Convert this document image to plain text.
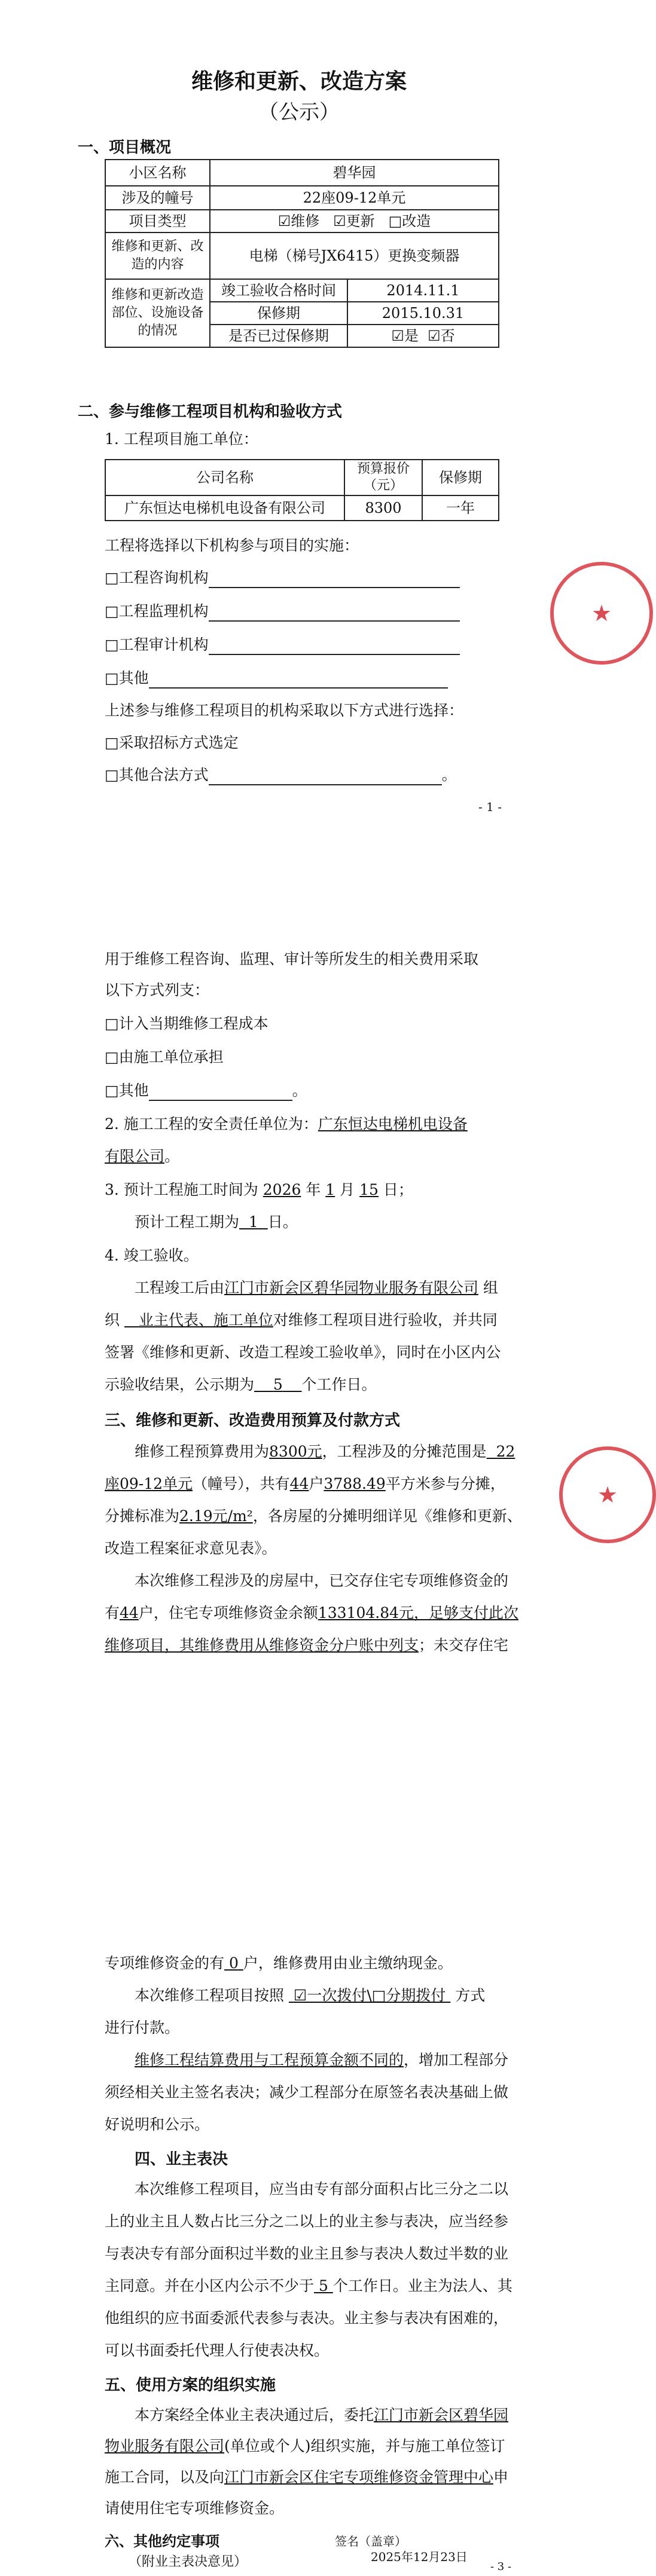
维修和更新、改造方案
（公示）
一、项目概况
小区名称	碧华园	
涉及的幢号	22座09-12单元	
项目类型	☑维修 ☑更新 □改造	
维修和更新、改造的内容	电梯（梯号JX6415）更换变频器	
维修和更新改造部位、设施设备的情况	竣工验收合格时间	2014.11.1
	保修期	2015.10.31
	是否已过保修期	☑是 ☑否
二、参与维修工程项目机构和验收方式
1. 工程项目施工单位：
公司名称	预算报价（元）	保修期
广东恒达电梯机电设备有限公司	8300	一年
工程将选择以下机构参与项目的实施：
□工程咨询机构
□工程监理机构
□工程审计机构
□其他
上述参与维修工程项目的机构采取以下方式进行选择：
□采取招标方式选定
□其他合法方式	。
- 1 -
用于维修工程咨询、监理、审计等所发生的相关费用采取
以下方式列支：
□计入当期维修工程成本
□由施工单位承担
□其他	。
2. 施工工程的安全责任单位为：广东恒达电梯机电设备
有限公司。
3. 预计工程施工时间为 2026 年 1 月 15 日；
预计工程工期为 1 日。
4. 竣工验收。
工程竣工后由江门市新会区碧华园物业服务有限公司 组
织 业主代表、施工单位对维修工程项目进行验收，并共同
签署《维修和更新、改造工程竣工验收单》，同时在小区内公
示验收结果，公示期为 5 个工作日。
三、维修和更新、改造费用预算及付款方式
维修工程预算费用为8300元，工程涉及的分摊范围是 22
座09-12单元（幢号），共有44户3788.49平方米参与分摊，
分摊标准为2.19元/m²，各房屋的分摊明细详见《维修和更新、
改造工程案征求意见表》。
本次维修工程涉及的房屋中，已交存住宅专项维修资金的
有44户，住宅专项维修资金余额133104.84元，足够支付此次
维修项目，其维修费用从维修资金分户账中列支；未交存住宅
专项维修资金的有 0 户，维修费用由业主缴纳现金。
本次维修工程项目按照 ☑一次拨付\□分期拨付 方式
进行付款。
维修工程结算费用与工程预算金额不同的，增加工程部分
须经相关业主签名表决；减少工程部分在原签名表决基础上做
好说明和公示。
四、业主表决
本次维修工程项目，应当由专有部分面积占比三分之二以
上的业主且人数占比三分之二以上的业主参与表决，应当经参
与表决专有部分面积过半数的业主且参与表决人数过半数的业
主同意。并在小区内公示不少于 5 个工作日。业主为法人、其
他组织的应书面委派代表参与表决。业主参与表决有困难的，
可以书面委托代理人行使表决权。
五、使用方案的组织实施
本方案经全体业主表决通过后，委托江门市新会区碧华园
物业服务有限公司(单位或个人)组织实施，并与施工单位签订
施工合同，以及向江门市新会区住宅专项维修资金管理中心申
请使用住宅专项维修资金。
六、其他约定事项
（附业主表决意见）
签名（盖章）
2025年12月23日
★
★
- 3 -
